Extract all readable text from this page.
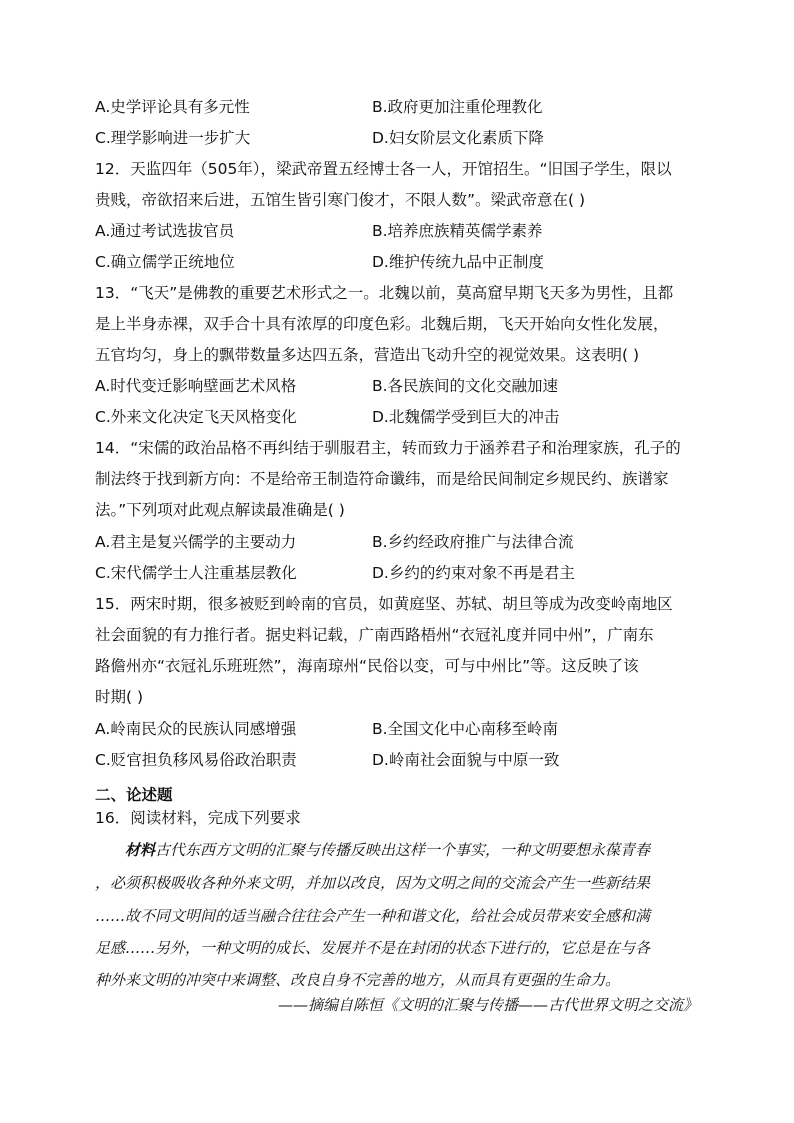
A.史学评论具有多元性	B.政府更加注重伦理教化
C.理学影响进一步扩大	D.妇女阶层文化素质下降
12．天监四年（505年），梁武帝置五经博士各一人，开馆招生。“旧国子学生，限以
贵贱，帝欲招来后进，五馆生皆引寒门俊才，不限人数”。梁武帝意在( )
A.通过考试选拔官员	B.培养庶族精英儒学素养
C.确立儒学正统地位	D.维护传统九品中正制度
13．“飞天”是佛教的重要艺术形式之一。北魏以前，莫高窟早期飞天多为男性，且都
是上半身赤裸，双手合十具有浓厚的印度色彩。北魏后期，飞天开始向女性化发展，
五官均匀，身上的飘带数量多达四五条，营造出飞动升空的视觉效果。这表明( )
A.时代变迁影响壁画艺术风格	B.各民族间的文化交融加速
C.外来文化决定飞天风格变化	D.北魏儒学受到巨大的冲击
14．“宋儒的政治品格不再纠结于驯服君主，转而致力于涵养君子和治理家族，孔子的
制法终于找到新方向：不是给帝王制造符命谶纬，而是给民间制定乡规民约、族谱家
法。”下列项对此观点解读最准确是( )
A.君主是复兴儒学的主要动力	B.乡约经政府推广与法律合流
C.宋代儒学士人注重基层教化	D.乡约的约束对象不再是君主
15．两宋时期，很多被贬到岭南的官员，如黄庭坚、苏轼、胡旦等成为改变岭南地区
社会面貌的有力推行者。据史料记载，广南西路梧州“衣冠礼度并同中州”，广南东
路儋州亦“衣冠礼乐班班然”，海南琼州“民俗以变，可与中州比”等。这反映了该
时期( )
A.岭南民众的民族认同感增强	B.全国文化中心南移至岭南
C.贬官担负移风易俗政治职责	D.岭南社会面貌与中原一致
二、论述题
16．阅读材料，完成下列要求
材料古代东西方文明的汇聚与传播反映出这样一个事实，一种文明要想永葆青春
，必须积极吸收各种外来文明，并加以改良，因为文明之间的交流会产生一些新结果
……故不同文明间的适当融合往往会产生一种和谐文化，给社会成员带来安全感和满
足感……另外，一种文明的成长、发展并不是在封闭的状态下进行的，它总是在与各
种外来文明的冲突中来调整、改良自身不完善的地方，从而具有更强的生命力。
——摘编自陈恒《文明的汇聚与传播——古代世界文明之交流》
